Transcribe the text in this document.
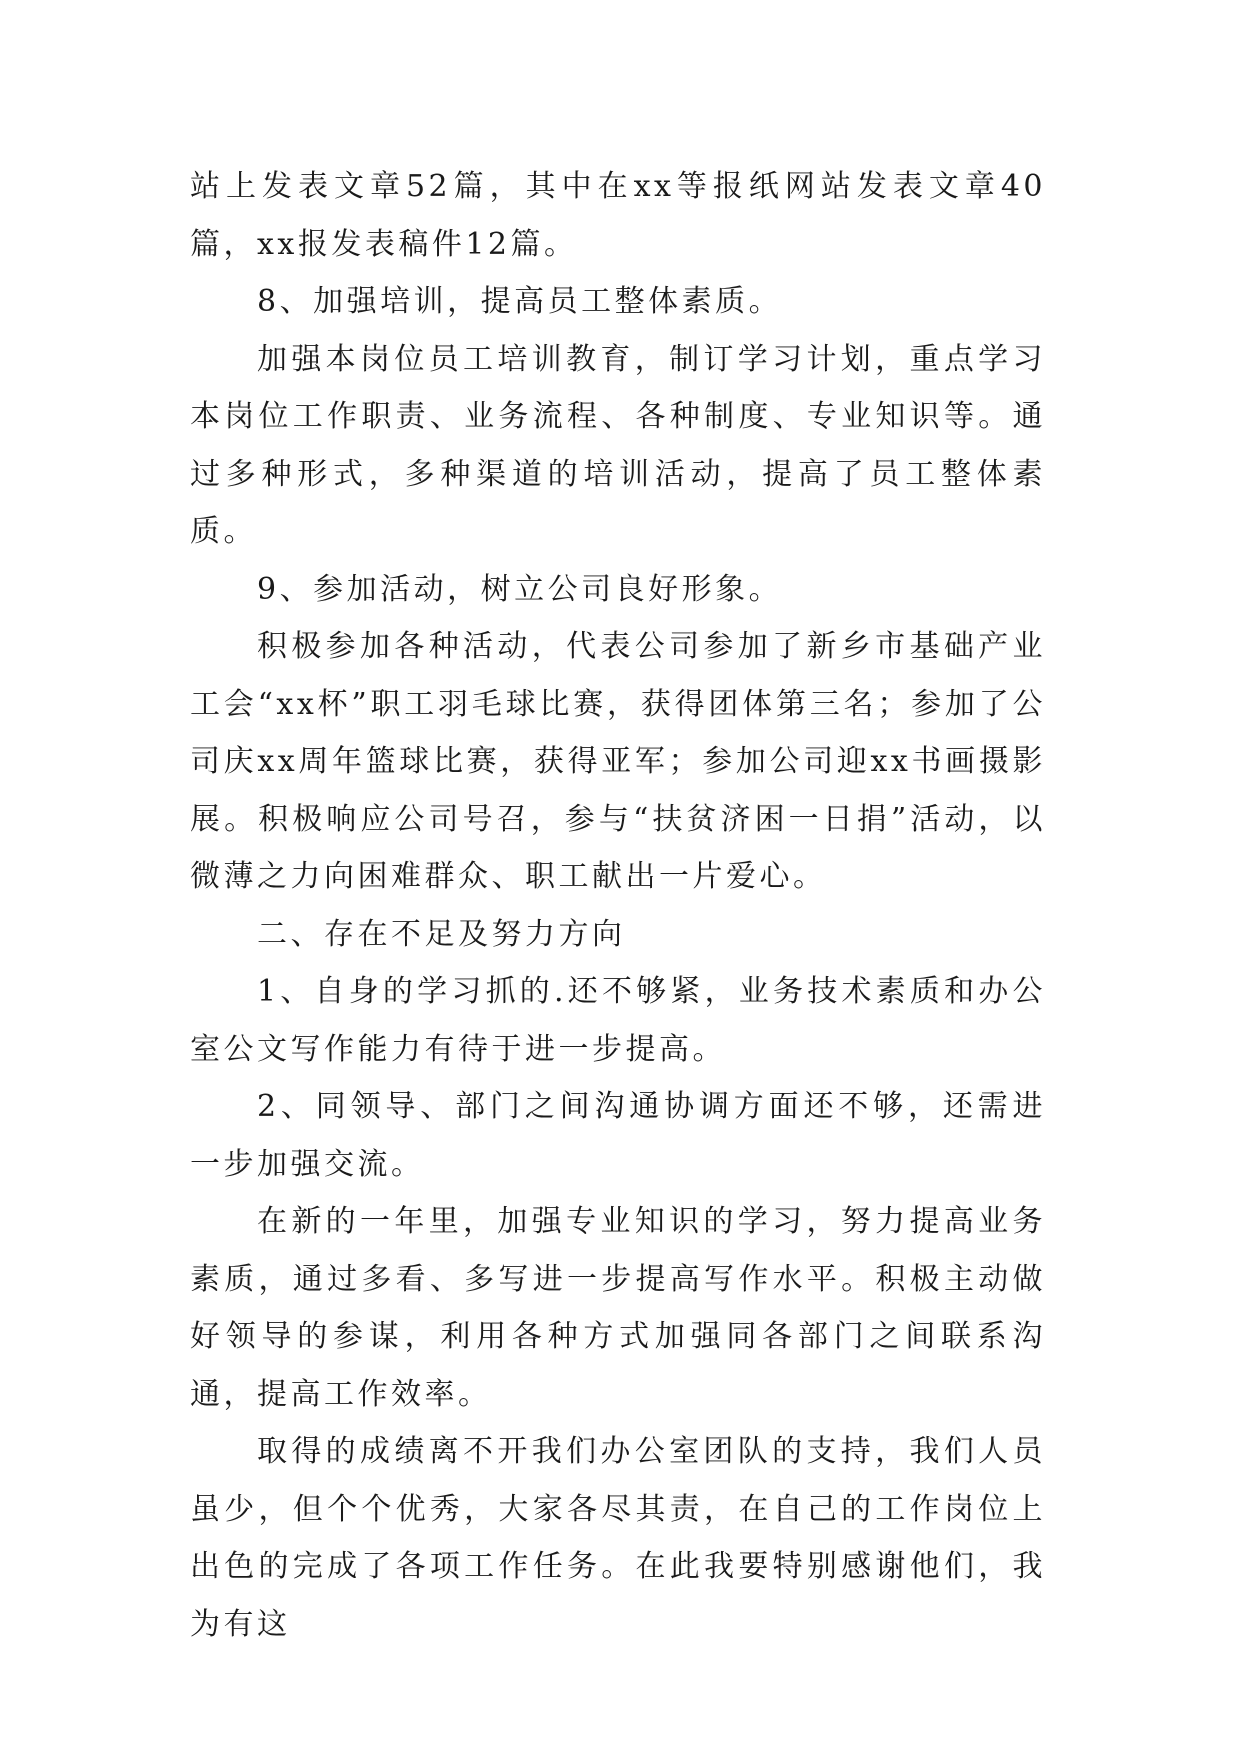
站上发表文章52篇，其中在xx等报纸网站发表文章40篇，xx报发表稿件12篇。

8、加强培训，提高员工整体素质。

加强本岗位员工培训教育，制订学习计划，重点学习本岗位工作职责、业务流程、各种制度、专业知识等。通过多种形式，多种渠道的培训活动，提高了员工整体素质。

9、参加活动，树立公司良好形象。

积极参加各种活动，代表公司参加了新乡市基础产业工会“xx杯”职工羽毛球比赛，获得团体第三名；参加了公司庆xx周年篮球比赛，获得亚军；参加公司迎xx书画摄影展。积极响应公司号召，参与“扶贫济困一日捐”活动，以微薄之力向困难群众、职工献出一片爱心。

二、存在不足及努力方向

1、自身的学习抓的.还不够紧，业务技术素质和办公室公文写作能力有待于进一步提高。

2、同领导、部门之间沟通协调方面还不够，还需进一步加强交流。

在新的一年里，加强专业知识的学习，努力提高业务素质，通过多看、多写进一步提高写作水平。积极主动做好领导的参谋，利用各种方式加强同各部门之间联系沟通，提高工作效率。

取得的成绩离不开我们办公室团队的支持，我们人员虽少，但个个优秀，大家各尽其责，在自己的工作岗位上出色的完成了各项工作任务。在此我要特别感谢他们，我为有这
